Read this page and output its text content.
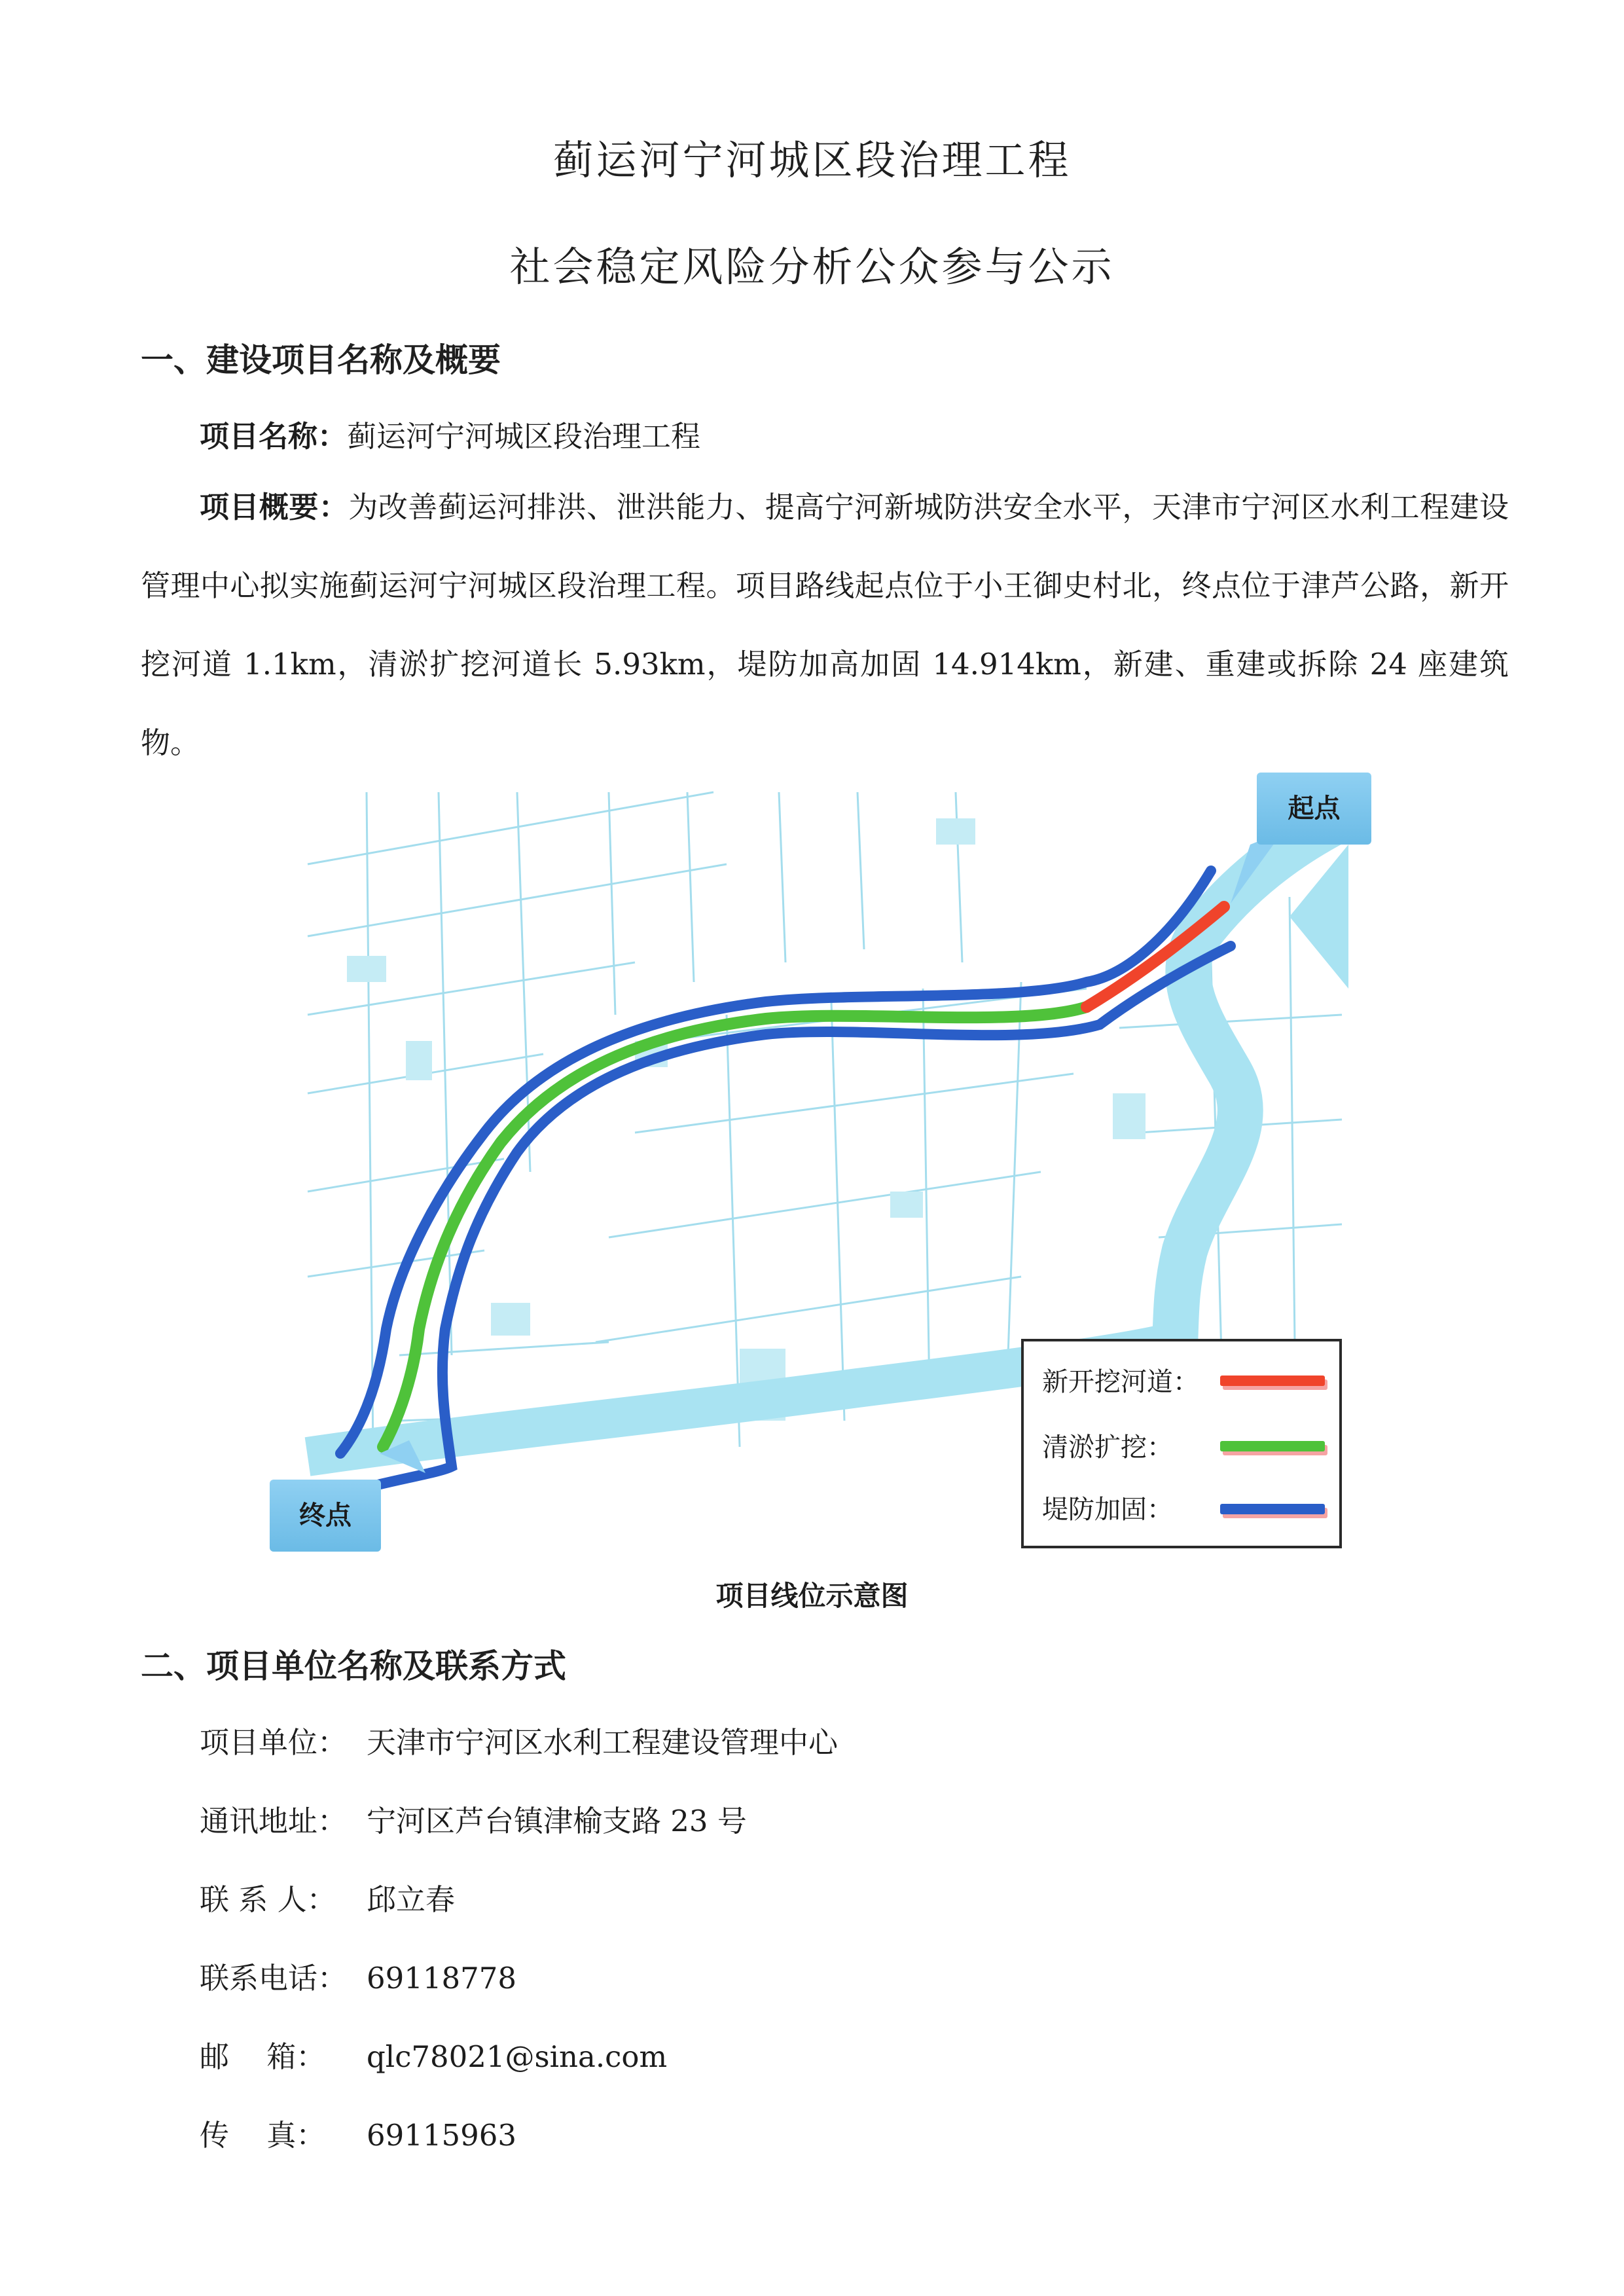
蓟运河宁河城区段治理工程
社会稳定风险分析公众参与公示
一、建设项目名称及概要
项目名称：蓟运河宁河城区段治理工程
项目概要：为改善蓟运河排洪、泄洪能力、提高宁河新城防洪安全水平，天津市宁河区水利工程建设管理中心拟实施蓟运河宁河城区段治理工程。项目路线起点位于小王御史村北，终点位于津芦公路，新开挖河道 1.1km，清淤扩挖河道长 5.93km，堤防加高加固 14.914km，新建、重建或拆除 24 座建筑物。
起点
终点
新开挖河道：
清淤扩挖：
堤防加固：
项目线位示意图
二、项目单位名称及联系方式
项目单位： 天津市宁河区水利工程建设管理中心
通讯地址： 宁河区芦台镇津榆支路 23 号
联 系 人： 邱立春
联系电话： 69118778
邮    箱： qlc78021@sina.com
传    真： 69115963
